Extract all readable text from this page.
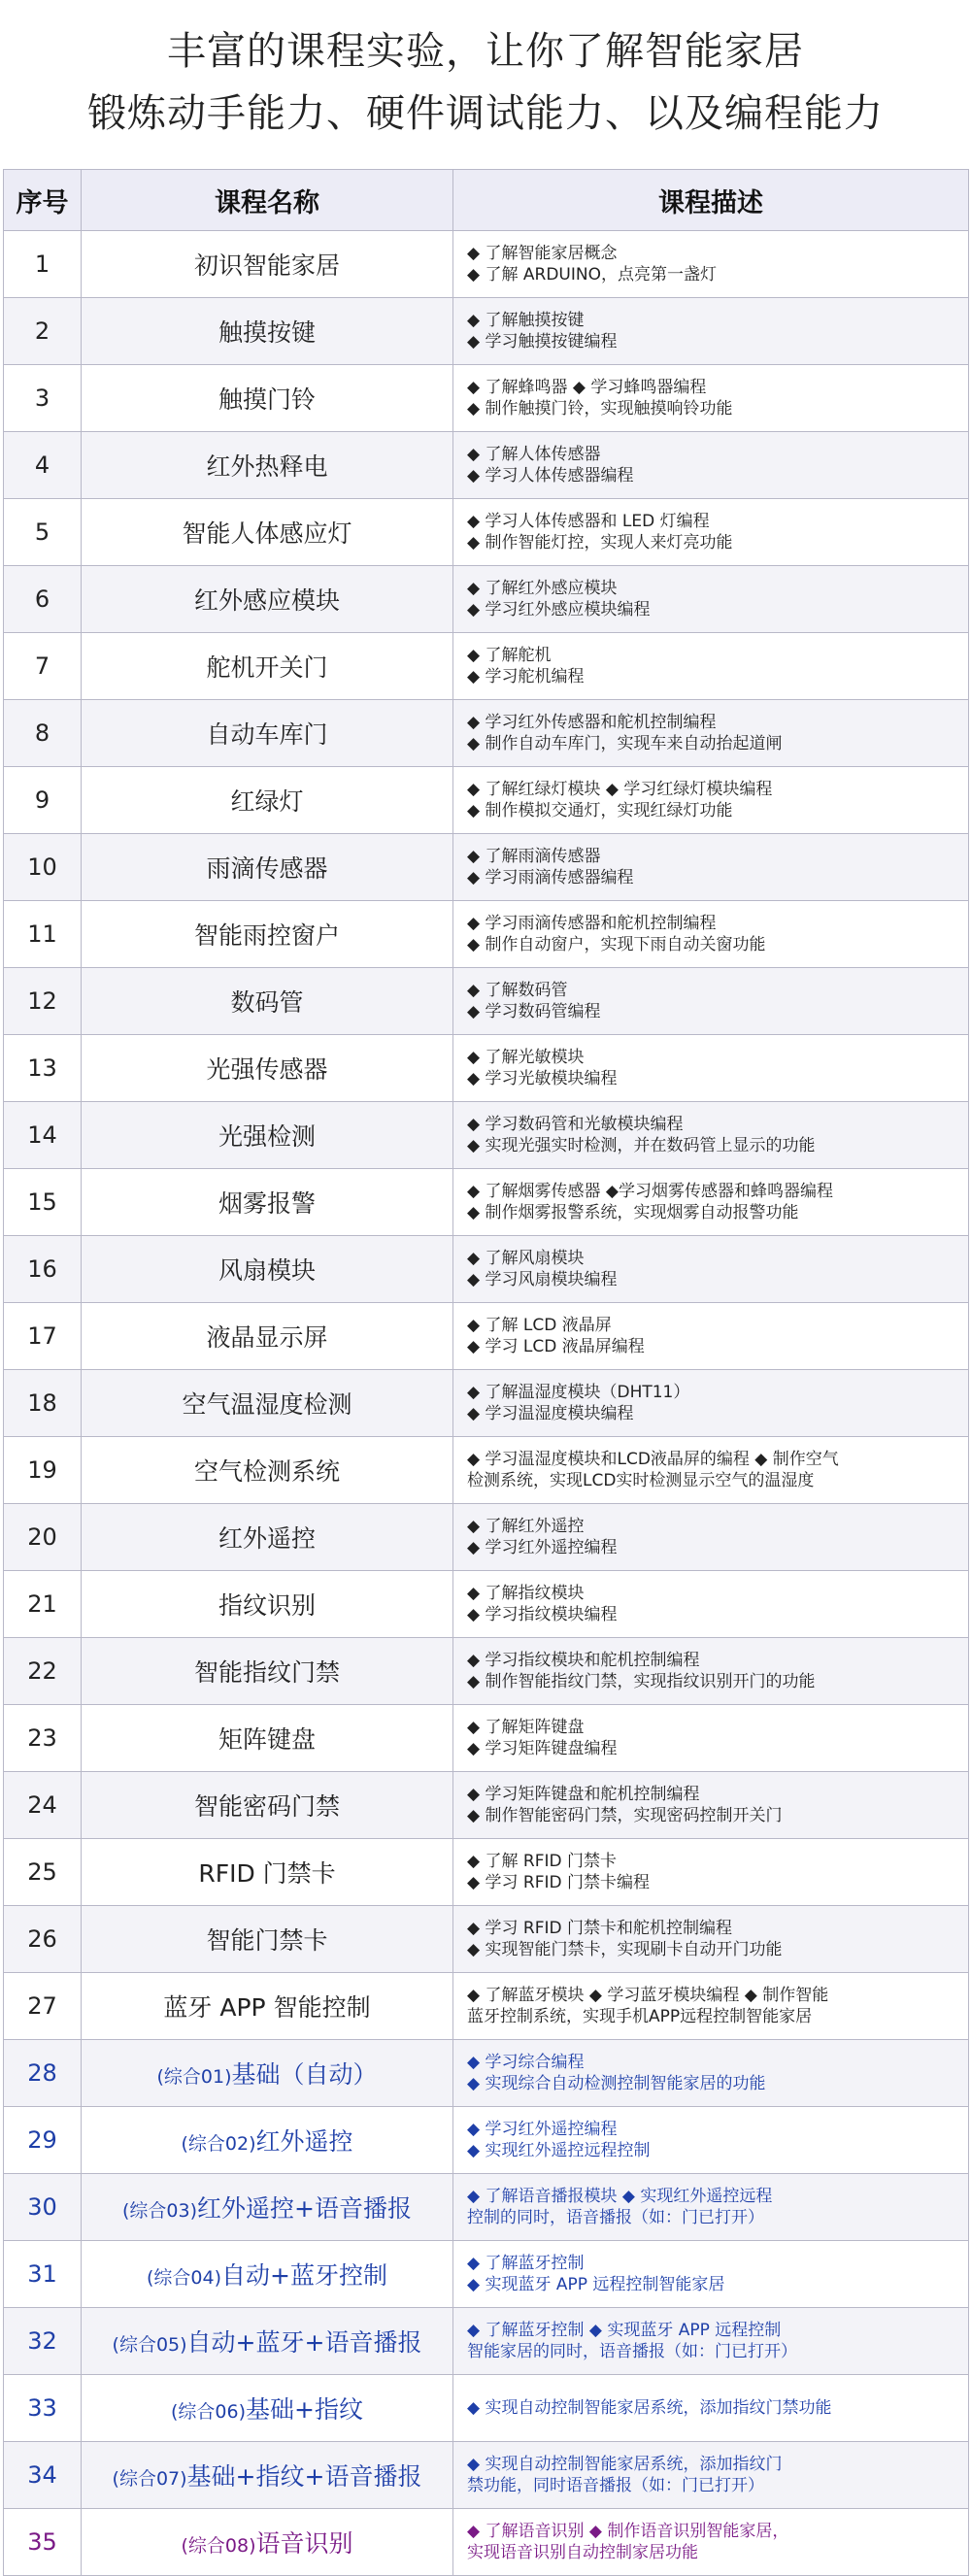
丰富的课程实验，让你了解智能家居
锻炼动手能力、硬件调试能力、以及编程能力
序号	课程名称	课程描述
1	初识智能家居	◆ 了解智能家居概念
◆ 了解 ARDUINO，点亮第一盏灯

2	触摸按键	◆ 了解触摸按键
◆ 学习触摸按键编程

3	触摸门铃	◆ 了解蜂鸣器 ◆ 学习蜂鸣器编程
◆ 制作触摸门铃，实现触摸响铃功能

4	红外热释电	◆ 了解人体传感器
◆ 学习人体传感器编程

5	智能人体感应灯	◆ 学习人体传感器和 LED 灯编程
◆ 制作智能灯控，实现人来灯亮功能

6	红外感应模块	◆ 了解红外感应模块
◆ 学习红外感应模块编程

7	舵机开关门	◆ 了解舵机
◆ 学习舵机编程

8	自动车库门	◆ 学习红外传感器和舵机控制编程
◆ 制作自动车库门，实现车来自动抬起道闸

9	红绿灯	◆ 了解红绿灯模块 ◆ 学习红绿灯模块编程
◆ 制作模拟交通灯，实现红绿灯功能

10	雨滴传感器	◆ 了解雨滴传感器
◆ 学习雨滴传感器编程

11	智能雨控窗户	◆ 学习雨滴传感器和舵机控制编程
◆ 制作自动窗户，实现下雨自动关窗功能

12	数码管	◆ 了解数码管
◆ 学习数码管编程

13	光强传感器	◆ 了解光敏模块
◆ 学习光敏模块编程

14	光强检测	◆ 学习数码管和光敏模块编程
◆ 实现光强实时检测，并在数码管上显示的功能

15	烟雾报警	◆ 了解烟雾传感器 ◆学习烟雾传感器和蜂鸣器编程
◆ 制作烟雾报警系统，实现烟雾自动报警功能

16	风扇模块	◆ 了解风扇模块
◆ 学习风扇模块编程

17	液晶显示屏	◆ 了解 LCD 液晶屏
◆ 学习 LCD 液晶屏编程

18	空气温湿度检测	◆ 了解温湿度模块（DHT11）
◆ 学习温湿度模块编程

19	空气检测系统	◆ 学习温湿度模块和LCD液晶屏的编程 ◆ 制作空气
检测系统，实现LCD实时检测显示空气的温湿度

20	红外遥控	◆ 了解红外遥控
◆ 学习红外遥控编程

21	指纹识别	◆ 了解指纹模块
◆ 学习指纹模块编程

22	智能指纹门禁	◆ 学习指纹模块和舵机控制编程
◆ 制作智能指纹门禁，实现指纹识别开门的功能

23	矩阵键盘	◆ 了解矩阵键盘
◆ 学习矩阵键盘编程

24	智能密码门禁	◆ 学习矩阵键盘和舵机控制编程
◆ 制作智能密码门禁，实现密码控制开关门

25	RFID 门禁卡	◆ 了解 RFID 门禁卡
◆ 学习 RFID 门禁卡编程

26	智能门禁卡	◆ 学习 RFID 门禁卡和舵机控制编程
◆ 实现智能门禁卡，实现刷卡自动开门功能

27	蓝牙 APP 智能控制	◆ 了解蓝牙模块 ◆ 学习蓝牙模块编程 ◆ 制作智能
蓝牙控制系统，实现手机APP远程控制智能家居

28	(综合01)基础（自动）	◆ 学习综合编程
◆ 实现综合自动检测控制智能家居的功能

29	(综合02)红外遥控	◆ 学习红外遥控编程
◆ 实现红外遥控远程控制

30	(综合03)红外遥控+语音播报	◆ 了解语音播报模块 ◆ 实现红外遥控远程
控制的同时，语音播报（如：门已打开）

31	(综合04)自动+蓝牙控制	◆ 了解蓝牙控制
◆ 实现蓝牙 APP 远程控制智能家居

32	(综合05)自动+蓝牙+语音播报	◆ 了解蓝牙控制 ◆ 实现蓝牙 APP 远程控制
智能家居的同时，语音播报（如：门已打开）

33	(综合06)基础+指纹	◆ 实现自动控制智能家居系统，添加指纹门禁功能

34	(综合07)基础+指纹+语音播报	◆ 实现自动控制智能家居系统，添加指纹门
禁功能，同时语音播报（如：门已打开）

35	(综合08)语音识别	◆ 了解语音识别 ◆ 制作语音识别智能家居，
实现语音识别自动控制家居功能
